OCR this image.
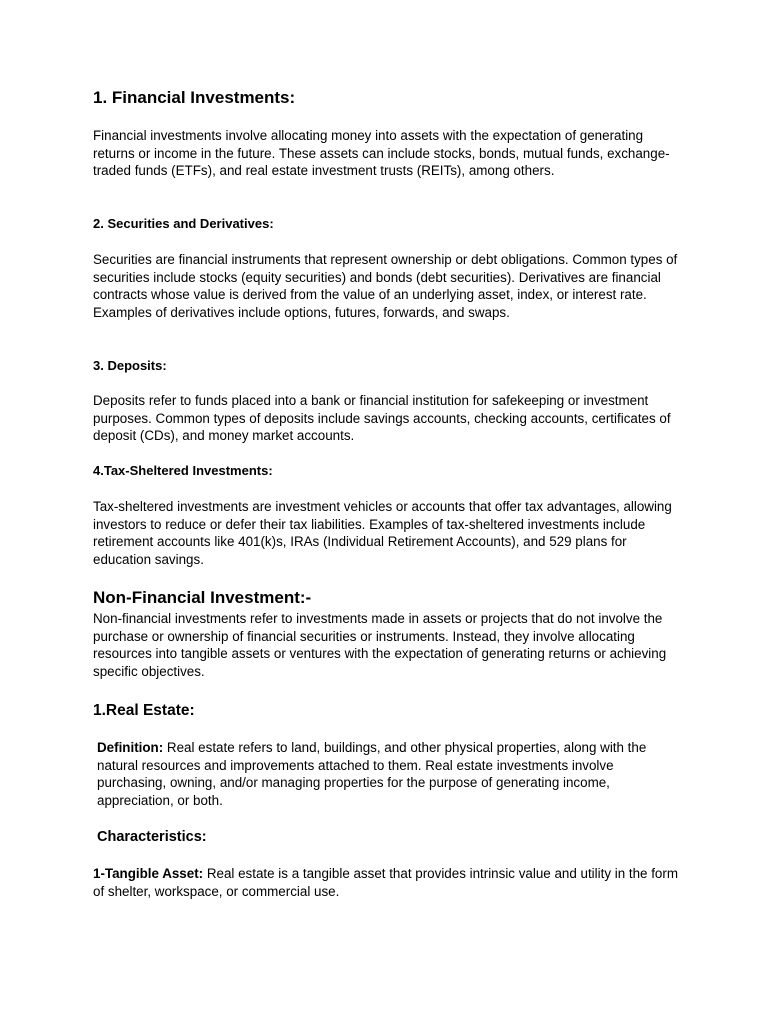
1. Financial Investments:

Financial investments involve allocating money into assets with the expectation of generating returns or income in the future. These assets can include stocks, bonds, mutual funds, exchange-traded funds (ETFs), and real estate investment trusts (REITs), among others.

2. Securities and Derivatives:

Securities are financial instruments that represent ownership or debt obligations. Common types of securities include stocks (equity securities) and bonds (debt securities). Derivatives are financial contracts whose value is derived from the value of an underlying asset, index, or interest rate. Examples of derivatives include options, futures, forwards, and swaps.

3. Deposits:

Deposits refer to funds placed into a bank or financial institution for safekeeping or investment purposes. Common types of deposits include savings accounts, checking accounts, certificates of deposit (CDs), and money market accounts.

4.Tax-Sheltered Investments:

Tax-sheltered investments are investment vehicles or accounts that offer tax advantages, allowing investors to reduce or defer their tax liabilities. Examples of tax-sheltered investments include retirement accounts like 401(k)s, IRAs (Individual Retirement Accounts), and 529 plans for education savings.

Non-Financial Investment:-

Non-financial investments refer to investments made in assets or projects that do not involve the purchase or ownership of financial securities or instruments. Instead, they involve allocating resources into tangible assets or ventures with the expectation of generating returns or achieving specific objectives.

1.Real Estate:

Definition: Real estate refers to land, buildings, and other physical properties, along with the natural resources and improvements attached to them. Real estate investments involve purchasing, owning, and/or managing properties for the purpose of generating income, appreciation, or both.

Characteristics:

1-Tangible Asset: Real estate is a tangible asset that provides intrinsic value and utility in the form of shelter, workspace, or commercial use.
